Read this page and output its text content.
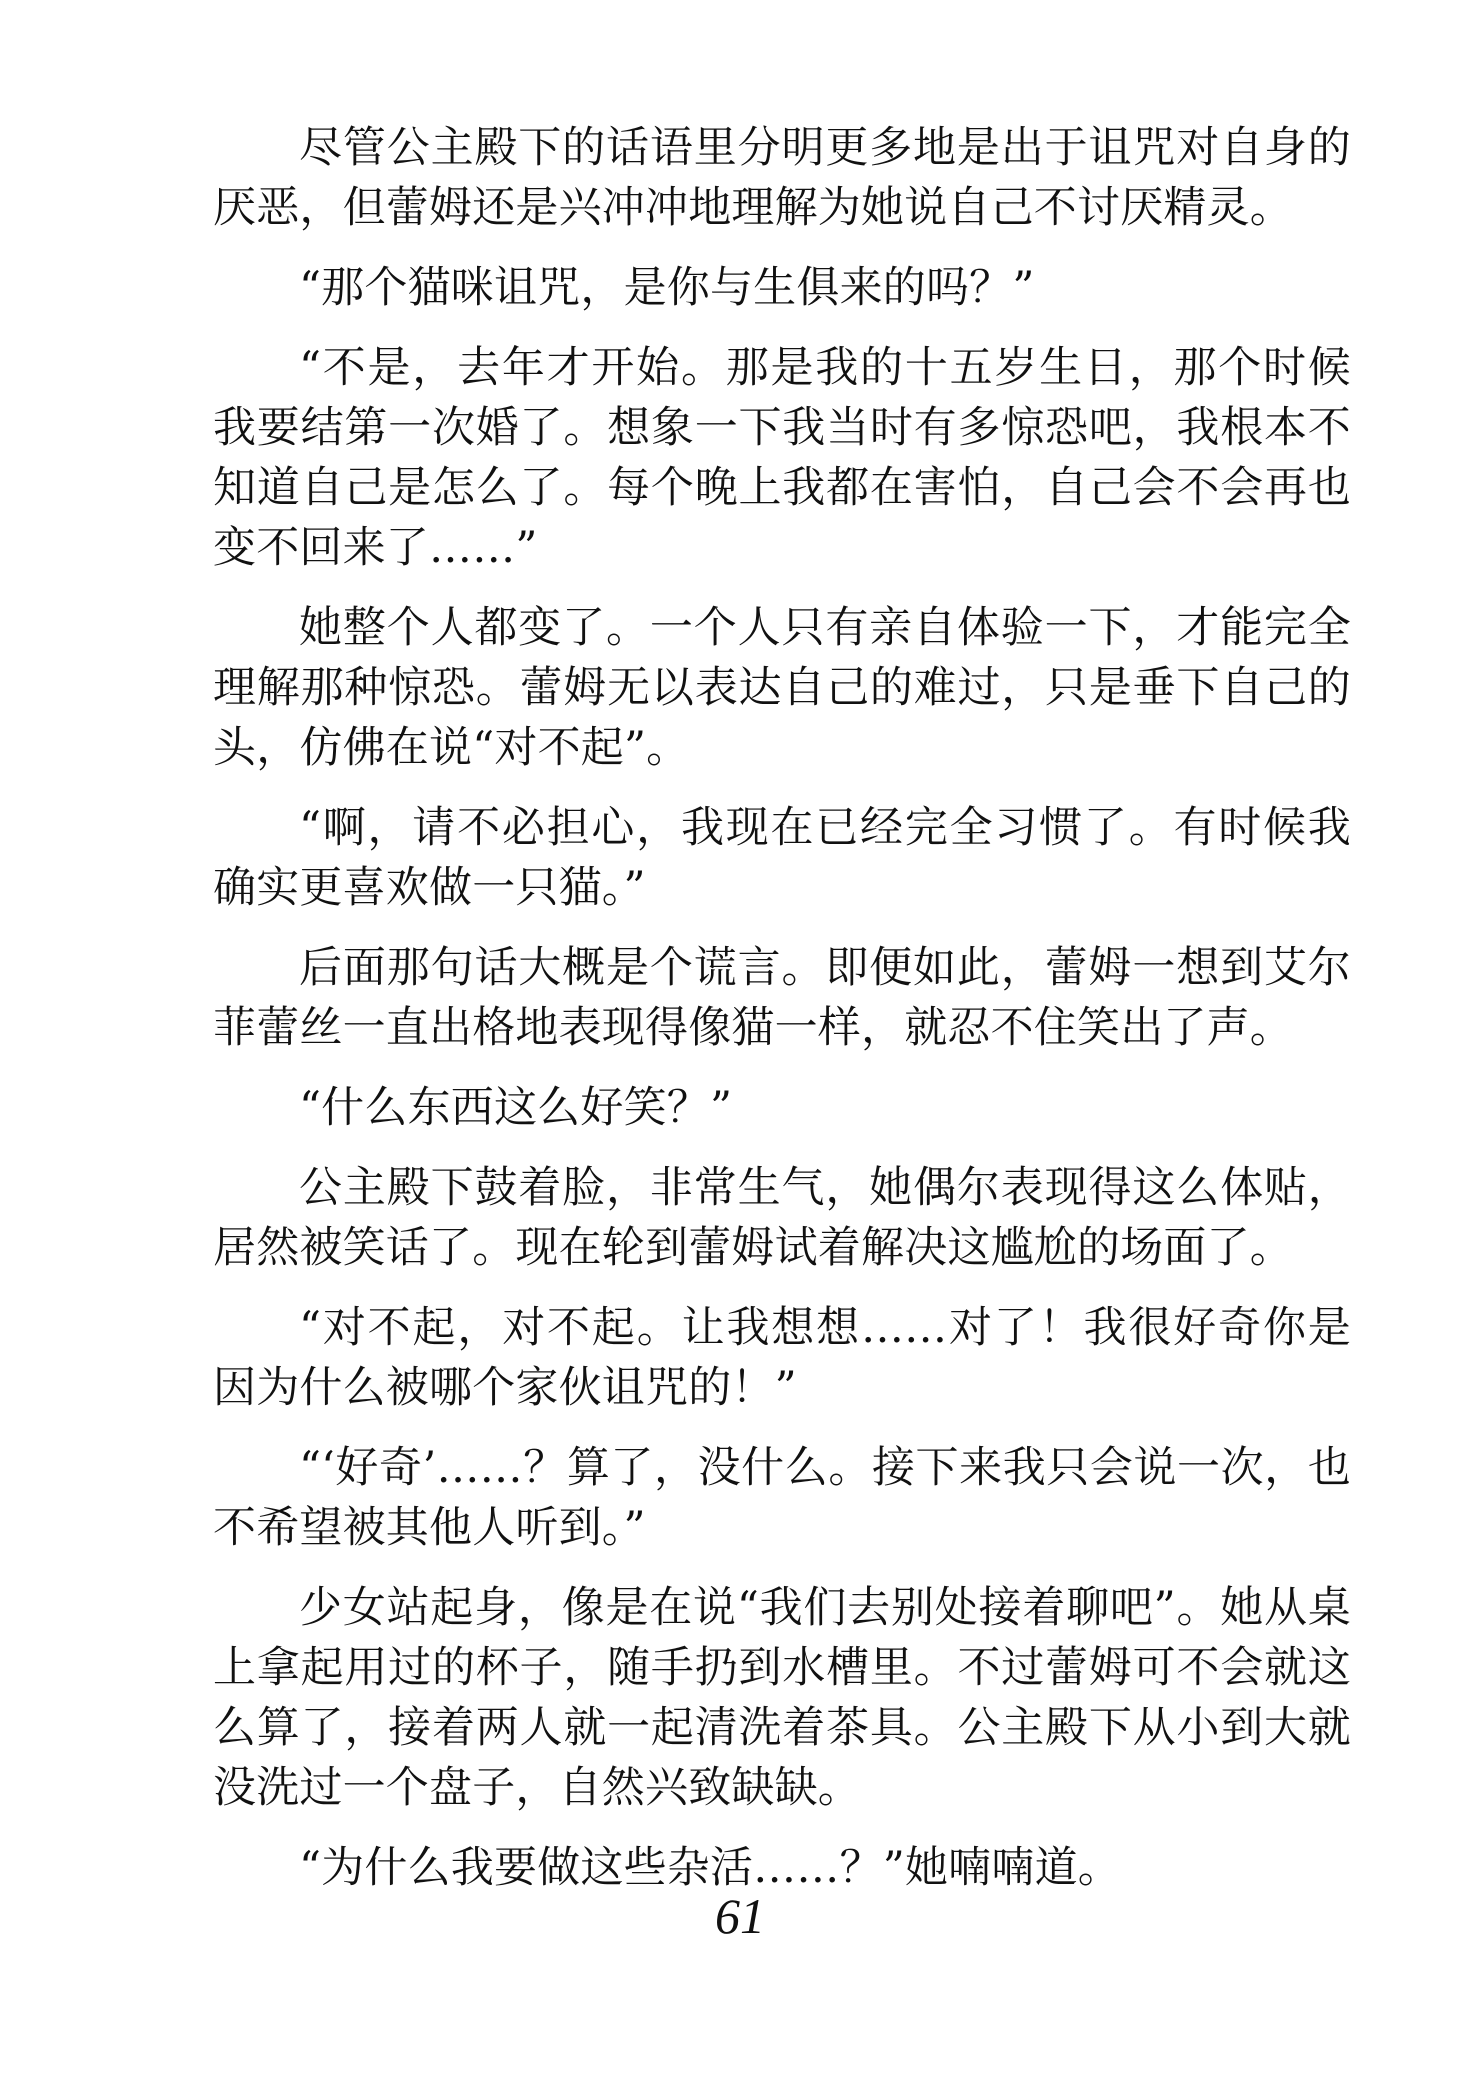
尽管公主殿下的话语里分明更多地是出于诅咒对自身的厌恶，但蕾姆还是兴冲冲地理解为她说自己不讨厌精灵。

“那个猫咪诅咒，是你与生俱来的吗？”

“不是，去年才开始。那是我的十五岁生日，那个时候我要结第一次婚了。想象一下我当时有多惊恐吧，我根本不知道自己是怎么了。每个晚上我都在害怕，自己会不会再也变不回来了……”

她整个人都变了。一个人只有亲自体验一下，才能完全理解那种惊恐。蕾姆无以表达自己的难过，只是垂下自己的头，仿佛在说“对不起”。

“啊，请不必担心，我现在已经完全习惯了。有时候我确实更喜欢做一只猫。”

后面那句话大概是个谎言。即便如此，蕾姆一想到艾尔菲蕾丝一直出格地表现得像猫一样，就忍不住笑出了声。

“什么东西这么好笑？”

公主殿下鼓着脸，非常生气，她偶尔表现得这么体贴，居然被笑话了。现在轮到蕾姆试着解决这尴尬的场面了。

“对不起，对不起。让我想想……对了！我很好奇你是因为什么被哪个家伙诅咒的！”

“‘好奇’……？算了，没什么。接下来我只会说一次，也不希望被其他人听到。”

少女站起身，像是在说“我们去别处接着聊吧”。她从桌上拿起用过的杯子，随手扔到水槽里。不过蕾姆可不会就这么算了，接着两人就一起清洗着茶具。公主殿下从小到大就没洗过一个盘子，自然兴致缺缺。

“为什么我要做这些杂活……？”她喃喃道。

61
